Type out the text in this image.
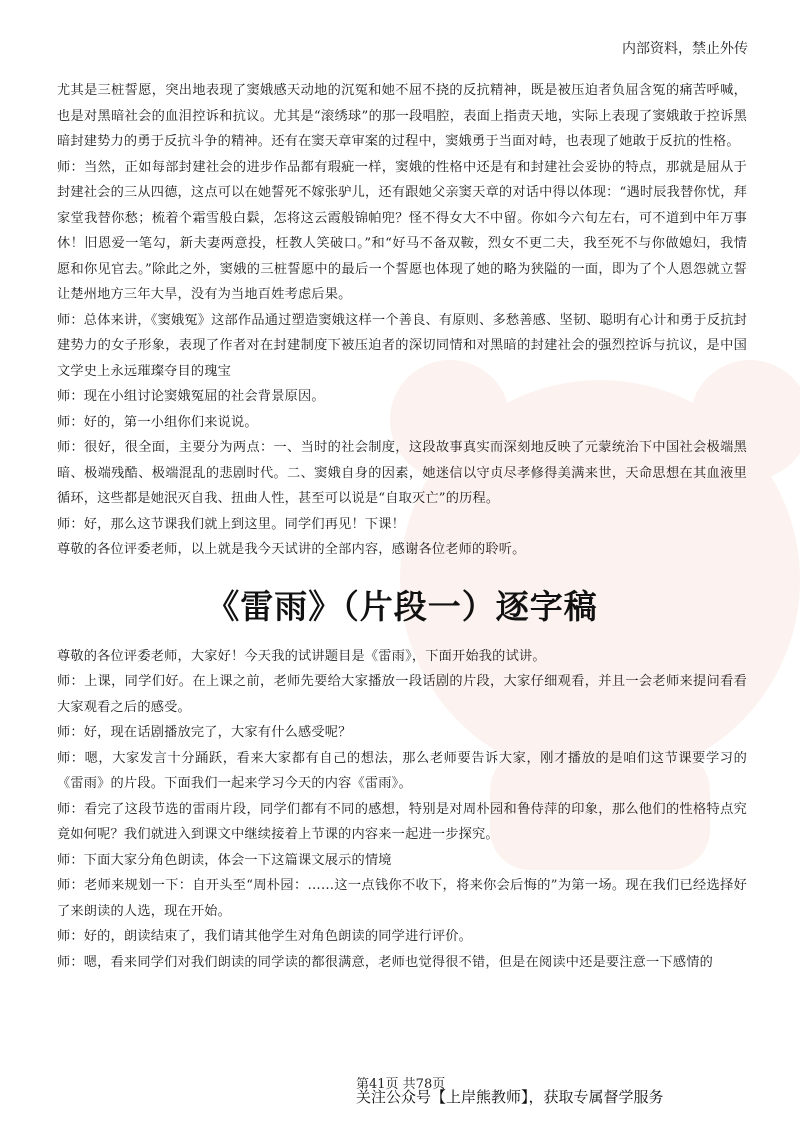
内部资料，禁止外传

尤其是三桩誓愿，突出地表现了窦娥感天动地的沉冤和她不屈不挠的反抗精神，既是被压迫者负屈含冤的痛苦呼喊，也是对黑暗社会的血泪控诉和抗议。尤其是“滚绣球”的那一段唱腔，表面上指责天地，实际上表现了窦娥敢于控诉黑暗封建势力的勇于反抗斗争的精神。还有在窦天章审案的过程中，窦娥勇于当面对峙，也表现了她敢于反抗的性格。

师：当然，正如每部封建社会的进步作品都有瑕疵一样，窦娥的性格中还是有和封建社会妥协的特点，那就是屈从于封建社会的三从四德，这点可以在她誓死不嫁张驴儿，还有跟她父亲窦天章的对话中得以体现：“遇时辰我替你忧，拜家堂我替你愁；梳着个霜雪般白鬏，怎将这云霞般锦帕兜？怪不得女大不中留。你如今六旬左右，可不道到中年万事休！旧恩爱一笔勾，新夫妻两意投，枉教人笑破口。”和“好马不备双鞍，烈女不更二夫，我至死不与你做媳妇，我情愿和你见官去。”除此之外，窦娥的三桩誓愿中的最后一个誓愿也体现了她的略为狭隘的一面，即为了个人恩怨就立誓让楚州地方三年大旱，没有为当地百姓考虑后果。

师：总体来讲，《窦娥冤》这部作品通过塑造窦娥这样一个善良、有原则、多愁善感、坚韧、聪明有心计和勇于反抗封建势力的女子形象，表现了作者对在封建制度下被压迫者的深切同情和对黑暗的封建社会的强烈控诉与抗议，是中国文学史上永远璀璨夺目的瑰宝

师：现在小组讨论窦娥冤屈的社会背景原因。

师：好的，第一小组你们来说说。

师：很好，很全面，主要分为两点：一、当时的社会制度，这段故事真实而深刻地反映了元蒙统治下中国社会极端黑暗、极端残酷、极端混乱的悲剧时代。二、窦娥自身的因素，她迷信以守贞尽孝修得美满来世，天命思想在其血液里循环，这些都是她泯灭自我、扭曲人性，甚至可以说是“自取灭亡”的历程。

师：好，那么这节课我们就上到这里。同学们再见！下课！

尊敬的各位评委老师，以上就是我今天试讲的全部内容，感谢各位老师的聆听。

《雷雨》（片段一）逐字稿

尊敬的各位评委老师，大家好！今天我的试讲题目是《雷雨》，下面开始我的试讲。

师：上课，同学们好。在上课之前，老师先要给大家播放一段话剧的片段，大家仔细观看，并且一会老师来提问看看大家观看之后的感受。

师：好，现在话剧播放完了，大家有什么感受呢？

师：嗯，大家发言十分踊跃，看来大家都有自己的想法，那么老师要告诉大家，刚才播放的是咱们这节课要学习的《雷雨》的片段。下面我们一起来学习今天的内容《雷雨》。

师：看完了这段节选的雷雨片段，同学们都有不同的感想，特别是对周朴园和鲁侍萍的印象，那么他们的性格特点究竟如何呢？我们就进入到课文中继续接着上节课的内容来一起进一步探究。

师：下面大家分角色朗读，体会一下这篇课文展示的情境

师：老师来规划一下：自开头至“周朴园：……这一点钱你不收下，将来你会后悔的”为第一场。现在我们已经选择好了来朗读的人选，现在开始。

师：好的，朗读结束了，我们请其他学生对角色朗读的同学进行评价。

师：嗯，看来同学们对我们朗读的同学读的都很满意，老师也觉得很不错，但是在阅读中还是要注意一下感情的

第41页 共78页
关注公众号【上岸熊教师】，获取专属督学服务
